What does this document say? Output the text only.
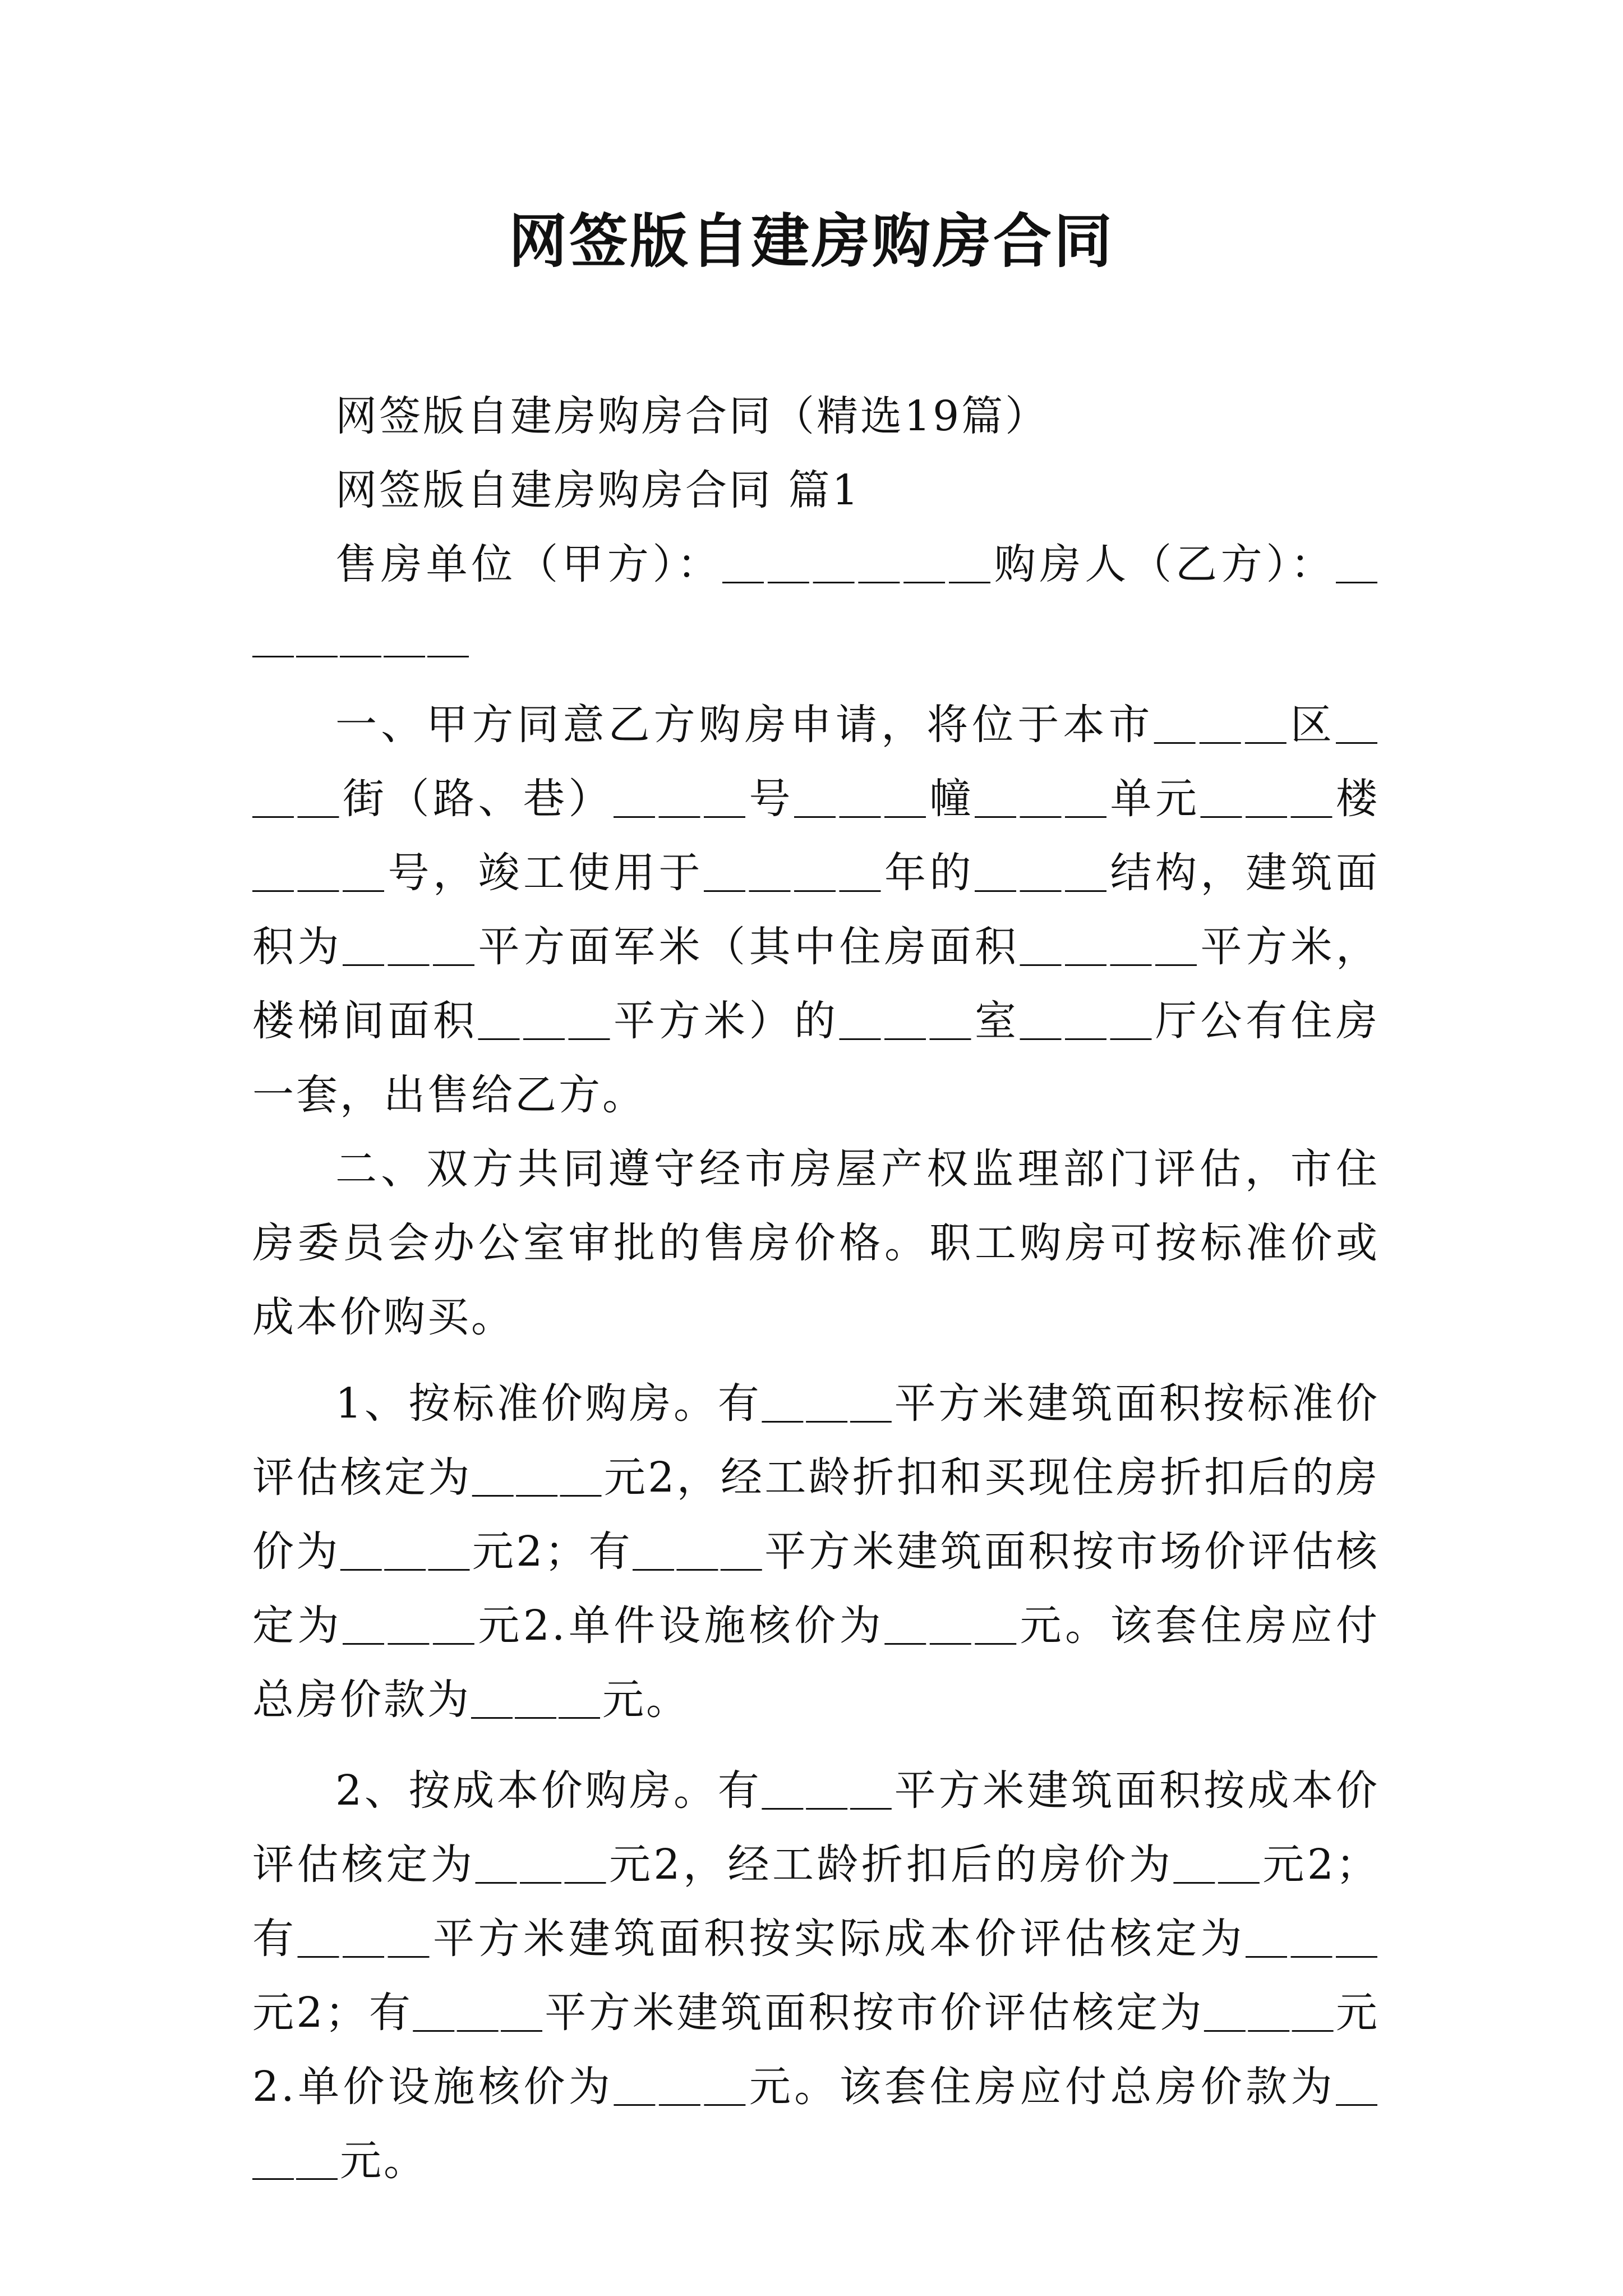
网签版自建房购房合同

网签版自建房购房合同（精选19篇）

网签版自建房购房合同 篇1

售房单位（甲方）：＿＿＿＿＿＿购房人（乙方）：＿＿＿＿＿＿

一、甲方同意乙方购房申请，将位于本市＿＿＿区＿＿＿街（路、巷）＿＿＿号＿＿＿幢＿＿＿单元＿＿＿楼＿＿＿号，竣工使用于＿＿＿＿年的＿＿＿结构，建筑面积为＿＿＿平方面军米（其中住房面积＿＿＿＿平方米，楼梯间面积＿＿＿平方米）的＿＿＿室＿＿＿厅公有住房一套，出售给乙方。

二、双方共同遵守经市房屋产权监理部门评估，市住房委员会办公室审批的售房价格。职工购房可按标准价或成本价购买。

1、按标准价购房。有＿＿＿平方米建筑面积按标准价评估核定为＿＿＿元2，经工龄折扣和买现住房折扣后的房价为＿＿＿元2；有＿＿＿平方米建筑面积按市场价评估核定为＿＿＿元2.单件设施核价为＿＿＿元。该套住房应付总房价款为＿＿＿元。

2、按成本价购房。有＿＿＿平方米建筑面积按成本价评估核定为＿＿＿元2，经工龄折扣后的房价为＿＿元2；有＿＿＿平方米建筑面积按实际成本价评估核定为＿＿＿元2；有＿＿＿平方米建筑面积按市价评估核定为＿＿＿元2.单价设施核价为＿＿＿元。该套住房应付总房价款为＿＿＿元。
